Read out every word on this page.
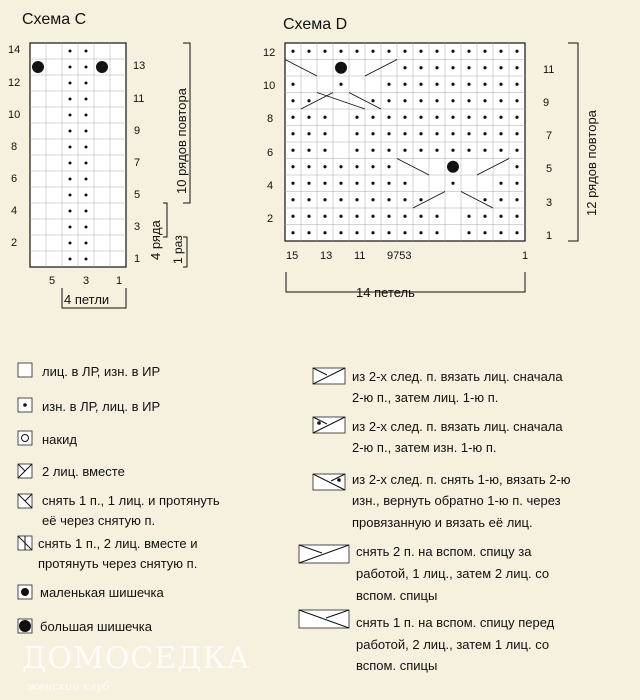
Схема С
14
12
10
8
6
4
2
13
11
9
7
5
3
1
10 рядов повтора
4 ряда 1 раз
5	3 1
4 петли
Схема D
12
10
8
6
4
2
11
9
7
5
3
1
12 рядов повтора
15 13 11 9753	1
14 петель
лиц. в ЛР, изн. в ИР
изн. в ЛР, лиц. в ИР
накид
2 лиц. вместе
снять 1 п., 1 лиц. и протянуть
её через снятую п.
снять 1 п., 2 лиц. вместе и
протянуть через снятую п.
маленькая шишечка
большая шишечка
из 2-х след. п. вязать лиц. сначала
2-ю п., затем лиц. 1-ю п.
из 2-х след. п. вязать лиц. сначала
2-ю п., затем изн. 1-ю п.
из 2-х след. п. снять 1-ю, вязать 2-ю
изн., вернуть обратно 1-ю п. через
провязанную и вязать её лиц.
снять 2 п. на вспом. спицу за
работой, 1 лиц., затем 2 лиц. со
вспом. спицы
снять 1 п. на вспом. спицу перед
работой, 2 лиц., затем 1 лиц. со
вспом. спицы
ДОМОСЕДКА
женский клуб
